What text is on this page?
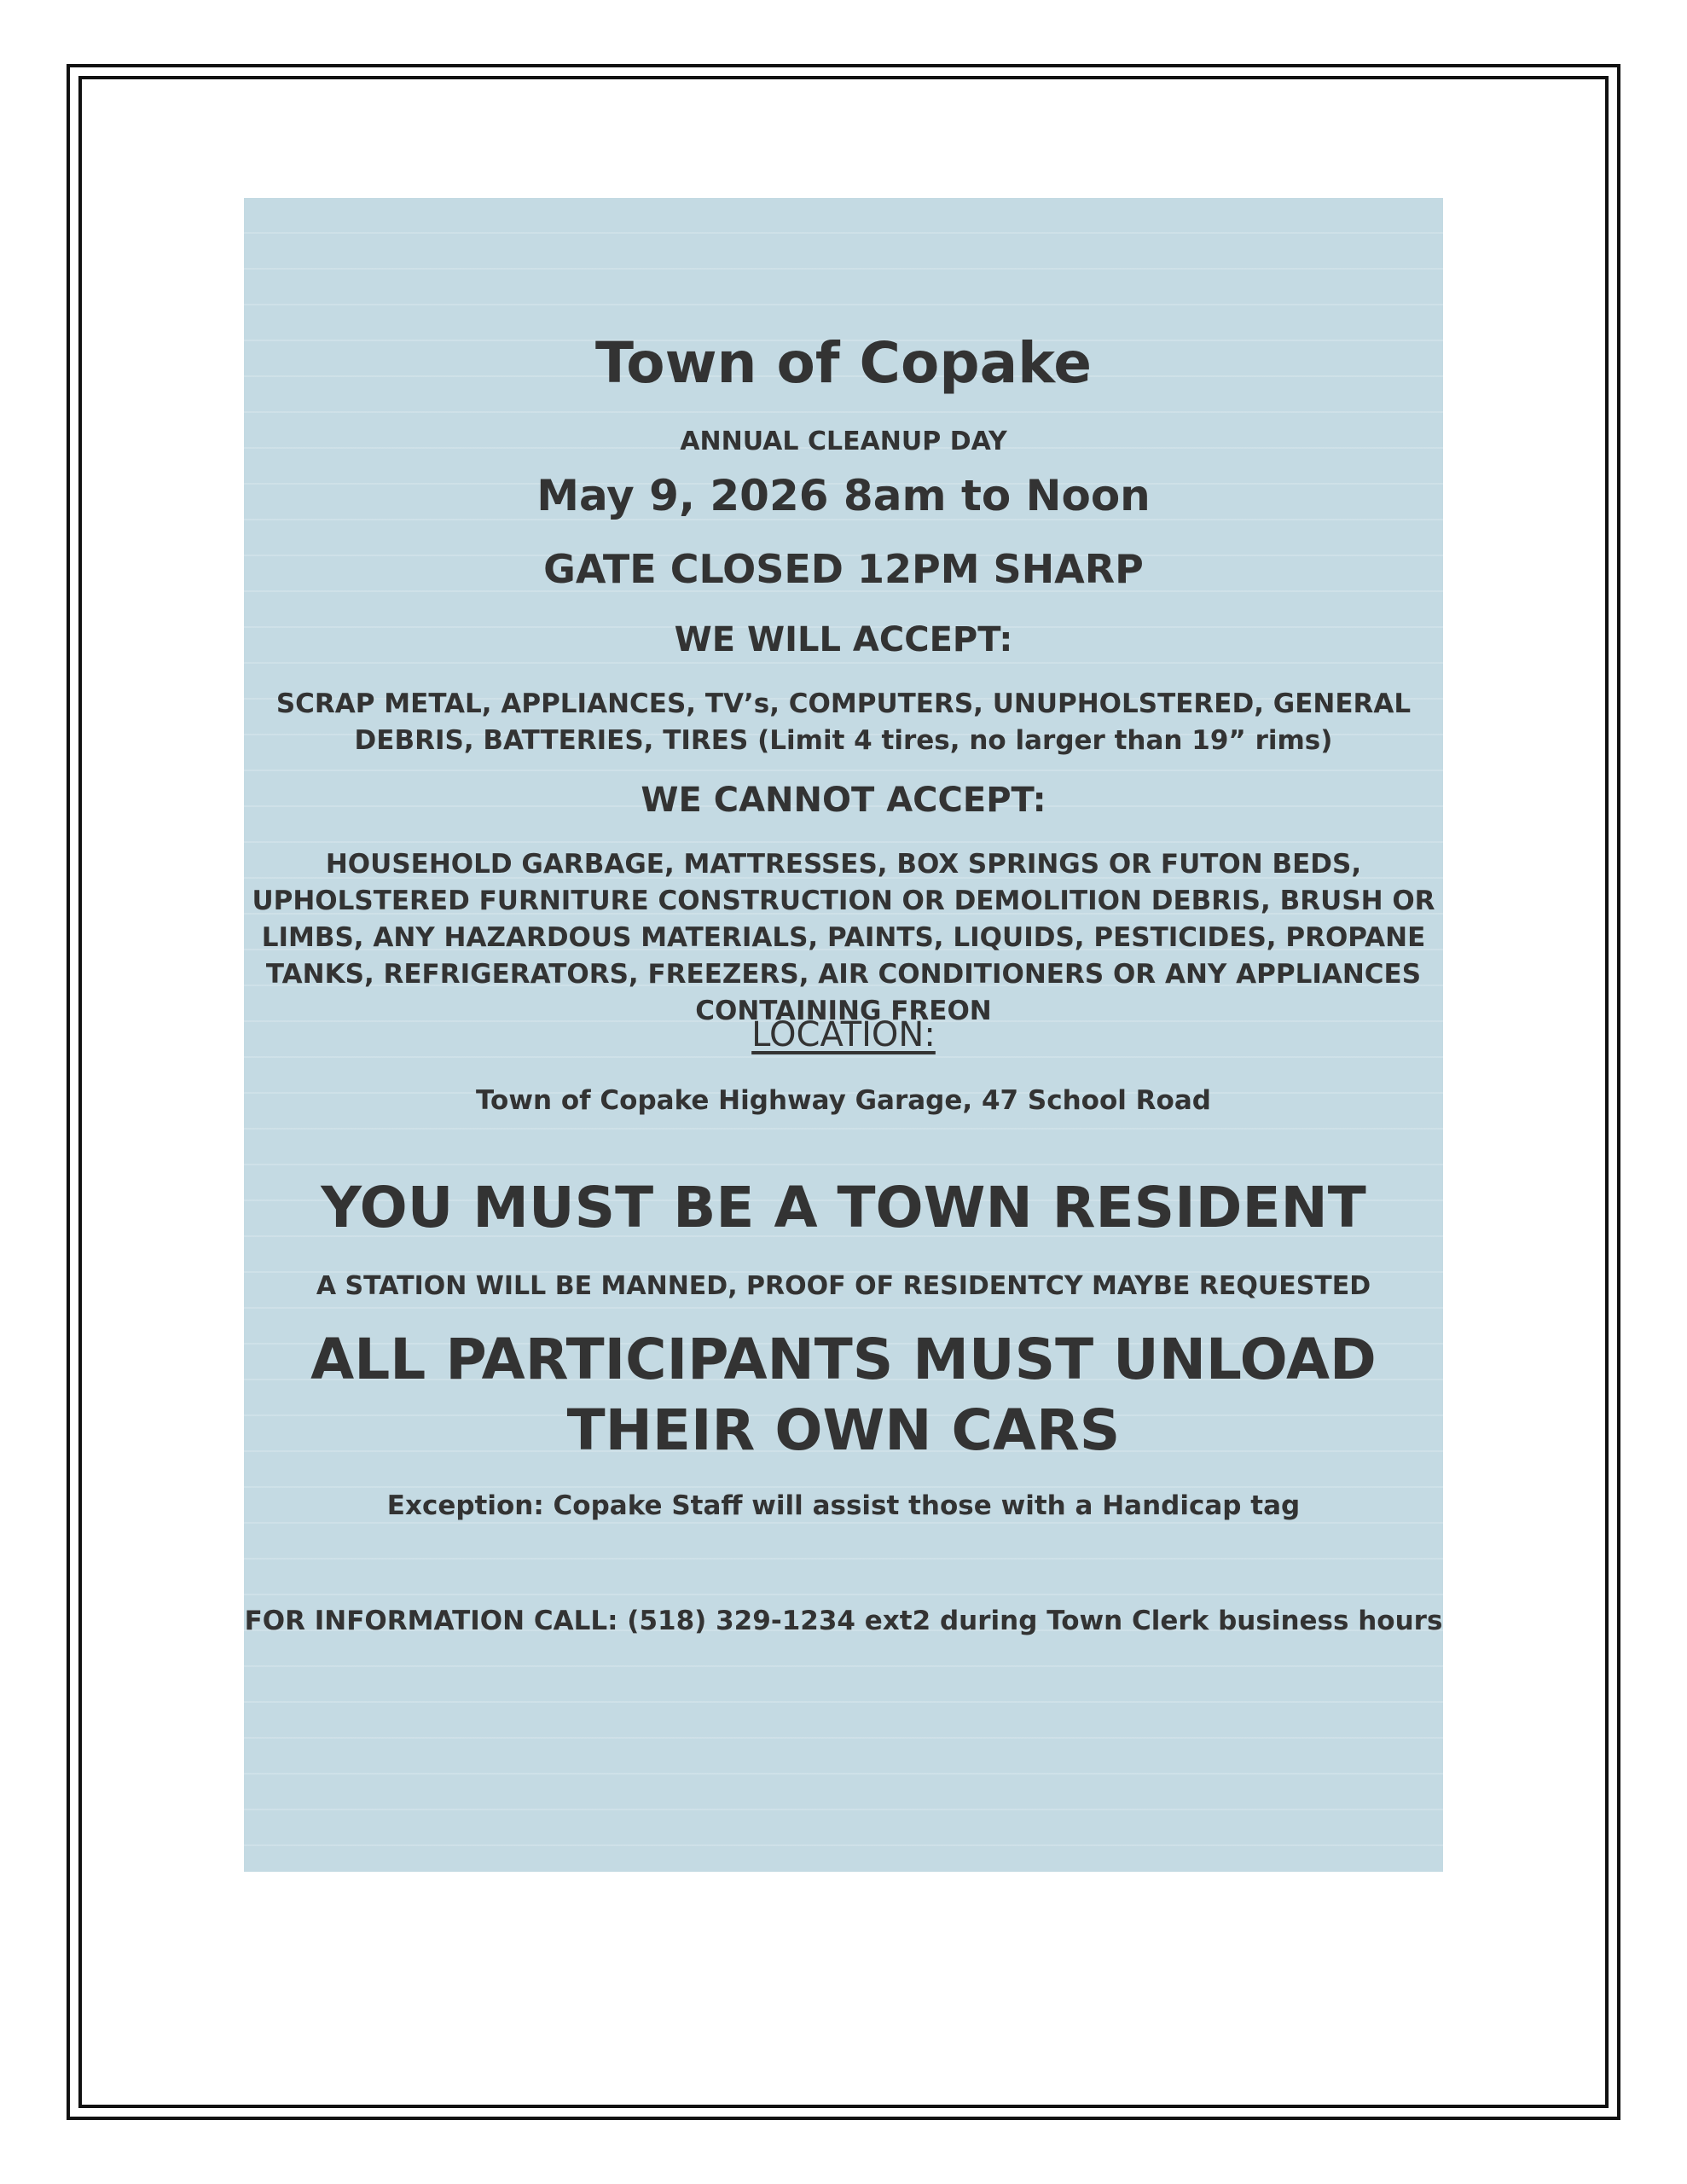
Town of Copake

ANNUAL CLEANUP DAY

May 9, 2026 8am to Noon

GATE CLOSED 12PM SHARP

WE WILL ACCEPT:

SCRAP METAL, APPLIANCES, TV’s, COMPUTERS, UNUPHOLSTERED, GENERAL DEBRIS, BATTERIES, TIRES (Limit 4 tires, no larger than 19” rims)

WE CANNOT ACCEPT:

HOUSEHOLD GARBAGE, MATTRESSES, BOX SPRINGS OR FUTON BEDS, UPHOLSTERED FURNITURE CONSTRUCTION OR DEMOLITION DEBRIS, BRUSH OR LIMBS, ANY HAZARDOUS MATERIALS, PAINTS, LIQUIDS, PESTICIDES, PROPANE TANKS, REFRIGERATORS, FREEZERS, AIR CONDITIONERS OR ANY APPLIANCES CONTAINING FREON

LOCATION:

Town of Copake Highway Garage, 47 School Road

YOU MUST BE A TOWN RESIDENT

A STATION WILL BE MANNED, PROOF OF RESIDENTCY MAYBE REQUESTED

ALL PARTICIPANTS MUST UNLOAD THEIR OWN CARS

Exception: Copake Staff will assist those with a Handicap tag

FOR INFORMATION CALL: (518) 329-1234 ext2 during Town Clerk business hours
